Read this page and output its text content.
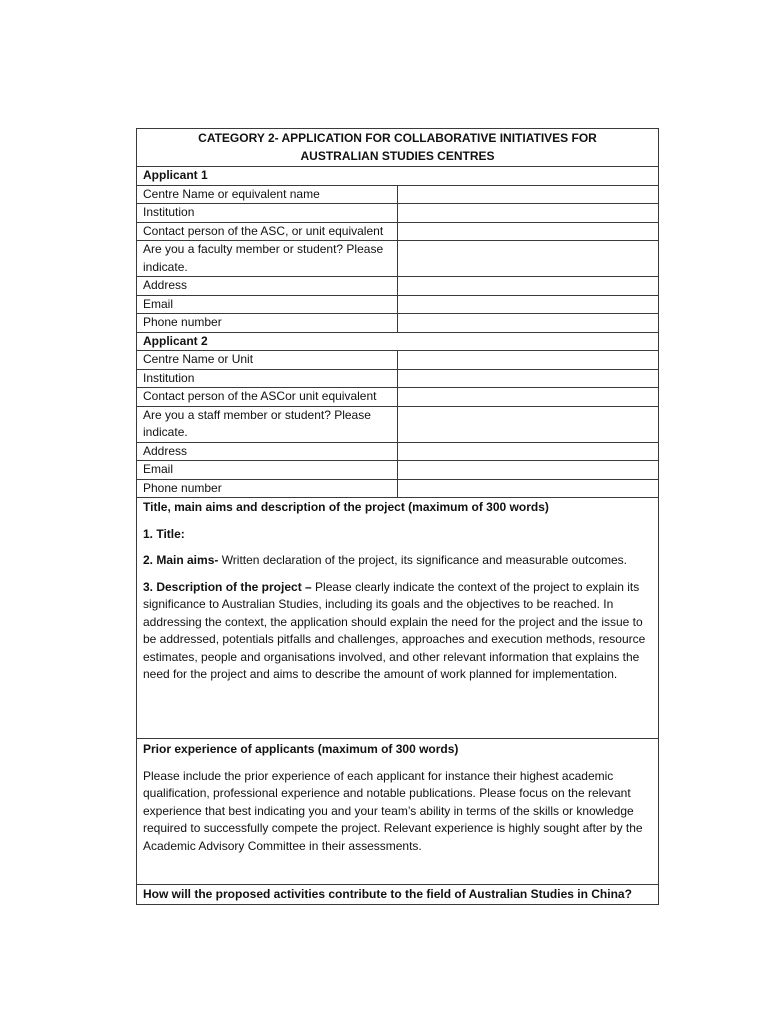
CATEGORY 2- APPLICATION FOR COLLABORATIVE INITIATIVES FOR
AUSTRALIAN STUDIES CENTRES	

Applicant 1	
Centre Name or equivalent name	
Institution	
Contact person of the ASC, or unit equivalent	
Are you a faculty member or student? Please indicate.	
Address	
Email	
Phone number	
Applicant 2	
Centre Name or Unit	
Institution	
Contact person of the ASCor unit equivalent	
Are you a staff member or student? Please indicate.	
Address	
Email	
Phone number	

Title, main aims and description of the project (maximum of 300 words)

1. Title:

2. Main aims- Written declaration of the project, its significance and measurable outcomes.

3. Description of the project – Please clearly indicate the context of the project to explain its significance to Australian Studies, including its goals and the objectives to be reached. In addressing the context, the application should explain the need for the project and the issue to be addressed, potentials pitfalls and challenges, approaches and execution methods, resource estimates, people and organisations involved, and other relevant information that explains the need for the project and aims to describe the amount of work planned for implementation.	

Prior experience of applicants (maximum of 300 words)

Please include the prior experience of each applicant for instance their highest academic qualification, professional experience and notable publications. Please focus on the relevant experience that best indicating you and your team’s ability in terms of the skills or knowledge required to successfully compete the project. Relevant experience is highly sought after by the Academic Advisory Committee in their assessments.	

How will the proposed activities contribute to the field of Australian Studies in China?	
